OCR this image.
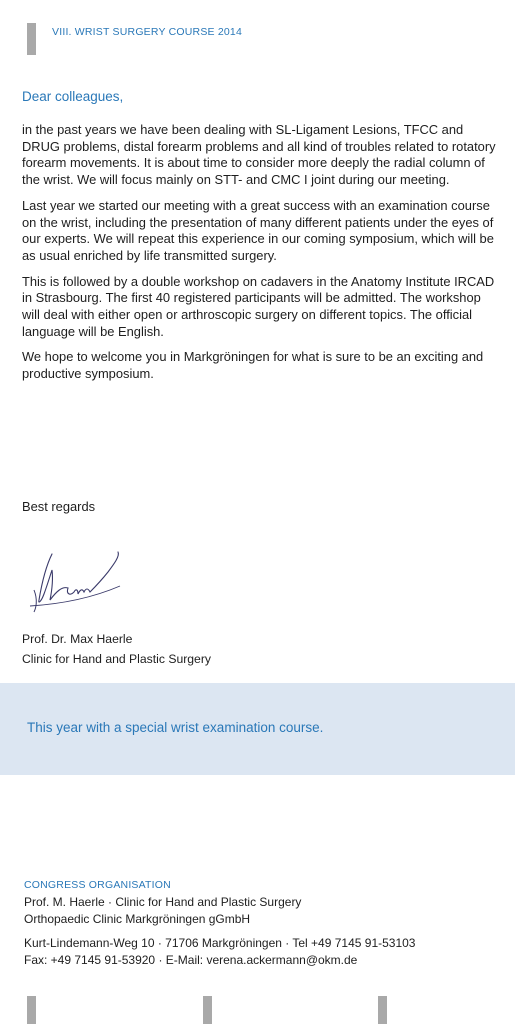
VIII. WRIST SURGERY COURSE 2014
Dear colleagues,

in the past years we have been dealing with SL-Ligament Lesions, TFCC and DRUG problems, distal forearm problems and all kind of troubles related to rotatory forearm movements. It is about time to consider more deeply the radial column of the wrist. We will focus mainly on STT- and CMC I joint during our meeting.

Last year we started our meeting with a great success with an examination course on the wrist, including the presentation of many different patients under the eyes of our experts. We will repeat this experience in our coming symposium, which will be as usual enriched by life transmitted surgery.

This is followed by a double workshop on cadavers in the Anatomy Institute IRCAD in Strasbourg. The first 40 registered participants will be admitted. The workshop will deal with either open or arthroscopic surgery on different topics. The official language will be English.

We hope to welcome you in Markgröningen for what is sure to be an exciting and productive symposium.

Best regards
Prof. Dr. Max Haerle
Clinic for Hand and Plastic Surgery
This year with a special wrist examination course.
CONGRESS ORGANISATION
Prof. M. Haerle · Clinic for Hand and Plastic Surgery
Orthopaedic Clinic Markgröningen gGmbH
Kurt-Lindemann-Weg 10 · 71706 Markgröningen · Tel +49 7145 91-53103
Fax: +49 7145 91-53920 · E-Mail: verena.ackermann@okm.de
